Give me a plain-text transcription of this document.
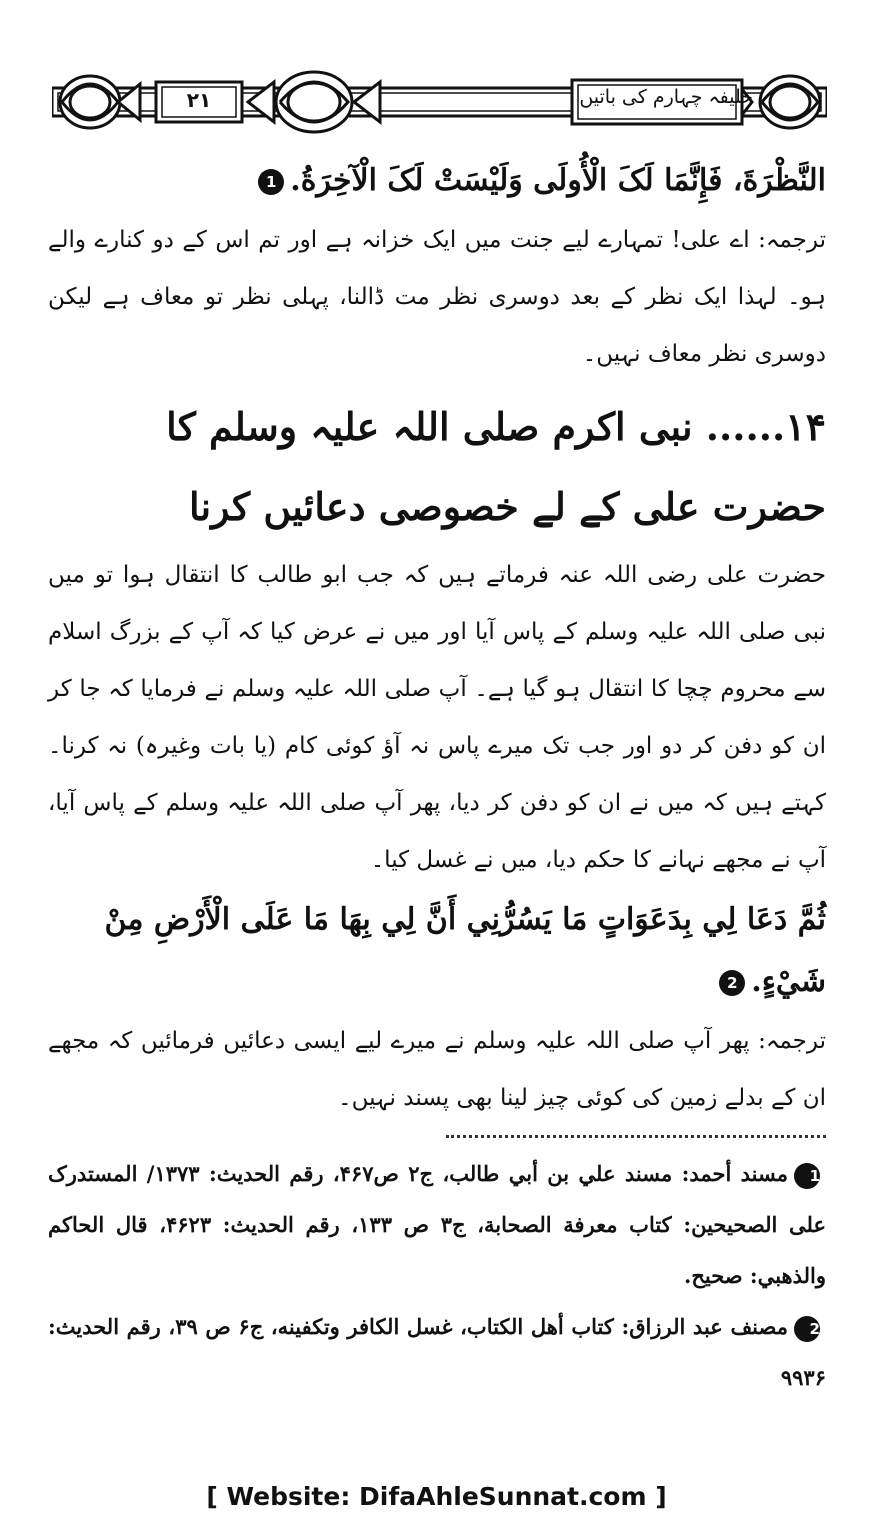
۲۱	خلیفہ چہارم کی باتیں

النَّظْرَةَ، فَإِنَّمَا لَکَ الْأُولَی وَلَيْسَتْ لَکَ الْآخِرَةُ.1

ترجمہ: اے علی! تمہارے لیے جنت میں ایک خزانہ ہے اور تم اس کے دو کنارے والے ہو۔ لہذا ایک نظر کے بعد دوسری نظر مت ڈالنا، پہلی نظر تو معاف ہے لیکن دوسری نظر معاف نہیں۔

۱۴...... نبی اکرم صلی اللہ علیہ وسلم کا حضرت علی کے لے خصوصی دعائیں کرنا

حضرت علی رضی اللہ عنہ فرماتے ہیں کہ جب ابو طالب کا انتقال ہوا تو میں نبی صلی اللہ علیہ وسلم کے پاس آیا اور میں نے عرض کیا کہ آپ کے بزرگ اسلام سے محروم چچا کا انتقال ہو گیا ہے۔ آپ صلی اللہ علیہ وسلم نے فرمایا کہ جا کر ان کو دفن کر دو اور جب تک میرے پاس نہ آؤ کوئی کام (یا بات وغیرہ) نہ کرنا۔ کہتے ہیں کہ میں نے ان کو دفن کر دیا، پھر آپ صلی اللہ علیہ وسلم کے پاس آیا، آپ نے مجھے نہانے کا حکم دیا، میں نے غسل کیا۔

ثُمَّ دَعَا لِي بِدَعَوَاتٍ مَا يَسُرُّنِي أَنَّ لِي بِهَا مَا عَلَى الْأَرْضِ مِنْ شَيْءٍ.2

ترجمہ: پھر آپ صلی اللہ علیہ وسلم نے میرے لیے ایسی دعائیں فرمائیں کہ مجھے ان کے بدلے زمین کی کوئی چیز لینا بھی پسند نہیں۔

1مسند أحمد: مسند علي بن أبي طالب، ج۲ ص۴۶۷، رقم الحديث: ۱۳۷۳/ المستدرک على الصحيحين: کتاب معرفة الصحابة، ج۳ ص ۱۳۳، رقم الحديث: ۴۶۲۳، قال الحاكم والذهبي: صحيح.

2مصنف عبد الرزاق: کتاب أهل الكتاب، غسل الكافر وتكفينه، ج۶ ص ۳۹، رقم الحديث: ۹۹۳۶

[ Website: DifaAhleSunnat.com ]
